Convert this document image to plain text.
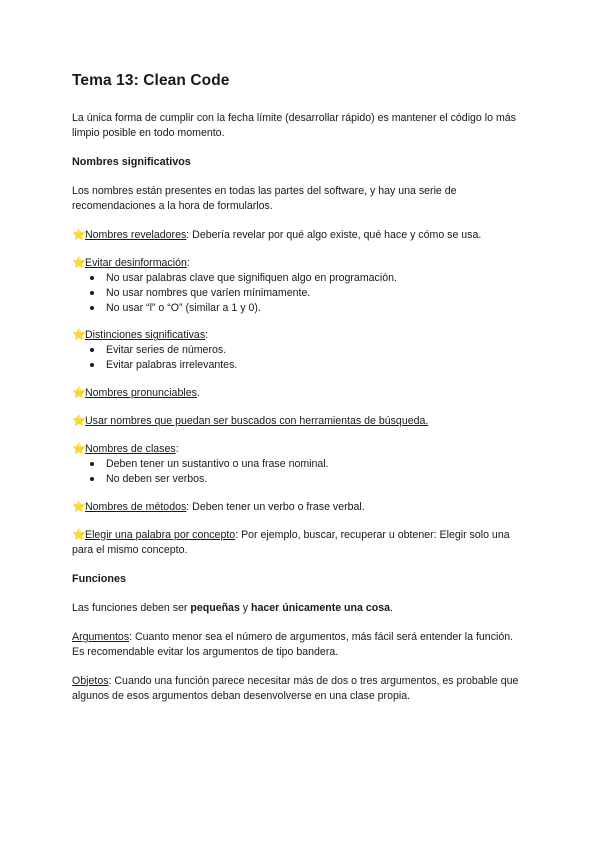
Tema 13: Clean Code

La única forma de cumplir con la fecha límite (desarrollar rápido) es mantener el código lo más limpio posible en todo momento.

Nombres significativos

Los nombres están presentes en todas las partes del software, y hay una serie de recomendaciones a la hora de formularlos.

⭐Nombres reveladores: Debería revelar por qué algo existe, qué hace y cómo se usa.

⭐Evitar desinformación:

No usar palabras clave que signifiquen algo en programación.
No usar nombres que varíen mínimamente.
No usar “l” o “O” (similar a 1 y 0).

⭐Distinciones significativas:

Evitar series de números.
Evitar palabras irrelevantes.

⭐Nombres pronunciables.

⭐Usar nombres que puedan ser buscados con herramientas de búsqueda.

⭐Nombres de clases:

Deben tener un sustantivo o una frase nominal.
No deben ser verbos.

⭐Nombres de métodos: Deben tener un verbo o frase verbal.

⭐Elegir una palabra por concepto: Por ejemplo, buscar, recuperar u obtener: Elegir solo una para el mismo concepto.

Funciones

Las funciones deben ser pequeñas y hacer únicamente una cosa.

Argumentos: Cuanto menor sea el número de argumentos, más fácil será entender la función. Es recomendable evitar los argumentos de tipo bandera.

Objetos: Cuando una función parece necesitar más de dos o tres argumentos, es probable que algunos de esos argumentos deban desenvolverse en una clase propia.
